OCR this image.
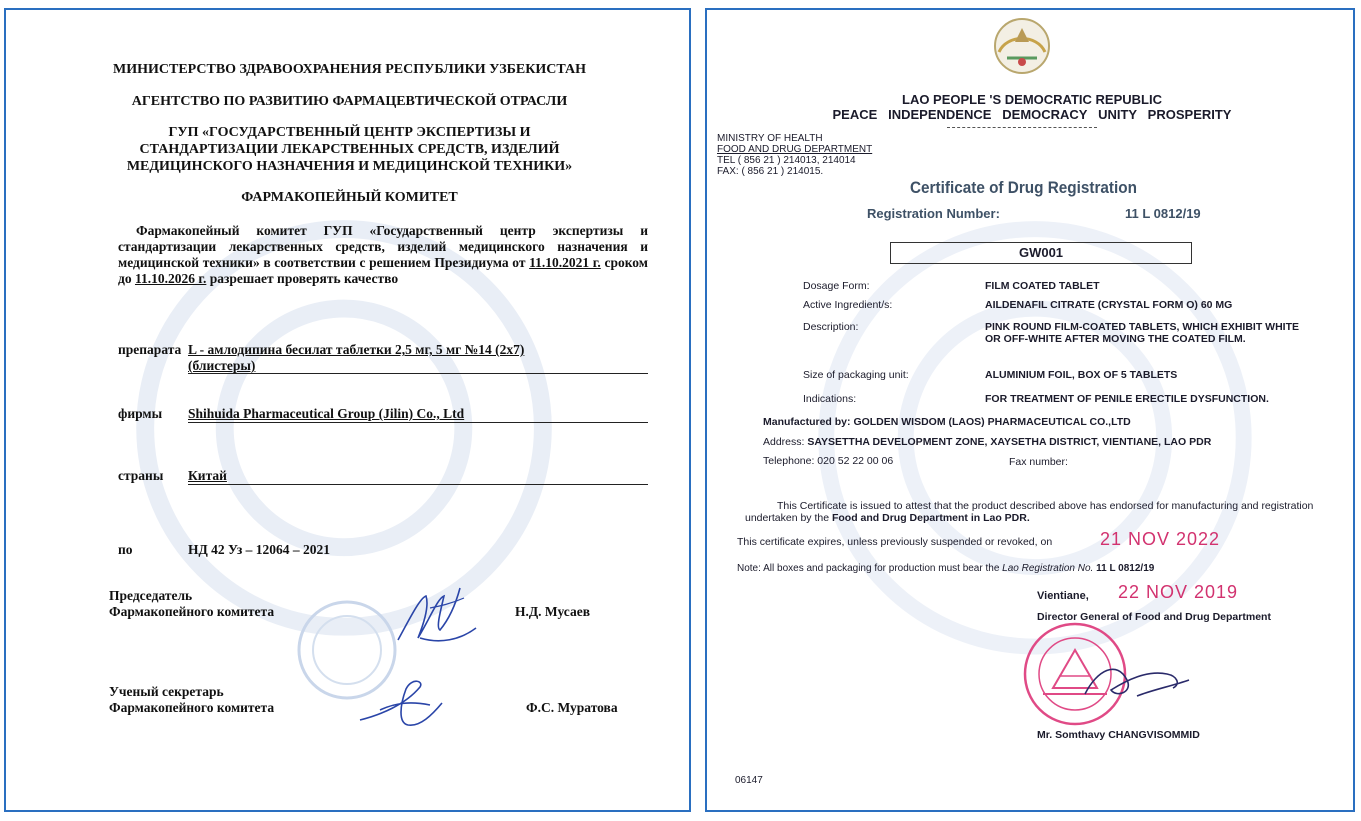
МИНИСТЕРСТВО ЗДРАВООХРАНЕНИЯ РЕСПУБЛИКИ УЗБЕКИСТАН
АГЕНТСТВО ПО РАЗВИТИЮ ФАРМАЦЕВТИЧЕСКОЙ ОТРАСЛИ
ГУП «ГОСУДАРСТВЕННЫЙ ЦЕНТР ЭКСПЕРТИЗЫ И
СТАНДАРТИЗАЦИИ ЛЕКАРСТВЕННЫХ СРЕДСТВ, ИЗДЕЛИЙ
МЕДИЦИНСКОГО НАЗНАЧЕНИЯ И МЕДИЦИНСКОЙ ТЕХНИКИ»
ФАРМАКОПЕЙНЫЙ КОМИТЕТ
Фармакопейный комитет ГУП «Государственный центр экспертизы и стандартизации лекарственных средств, изделий медицинского назначения и медицинской техники» в соответствии с решением Президиума от 11.10.2021 г. сроком до 11.10.2026 г. разрешает проверять качество
препарата L - амлодипина бесилат таблетки 2,5 мг, 5 мг №14 (2х7)
(блистеры)
фирмы Shihuida Pharmaceutical Group (Jilin) Co., Ltd
страны Китай
по	НД 42 Уз – 12064 – 2021
Председатель
Фармакопейного комитета	Н.Д. Мусаев
Ученый секретарь
Фармакопейного комитета	Ф.С. Муратова
LAO PEOPLE 'S DEMOCRATIC REPUBLIC
PEACE   INDEPENDENCE   DEMOCRACY   UNITY   PROSPERITY
MINISTRY OF HEALTH
FOOD AND DRUG DEPARTMENT
TEL ( 856 21 ) 214013, 214014
FAX: ( 856 21 ) 214015.
Certificate of Drug Registration
Registration Number:	11 L 0812/19
GW001
Dosage Form:	FILM COATED TABLET
Active Ingredient/s:	AILDENAFIL CITRATE (CRYSTAL FORM O) 60 MG
Description:	PINK ROUND FILM-COATED TABLETS, WHICH EXHIBIT WHITE OR OFF-WHITE AFTER MOVING THE COATED FILM.
Size of packaging unit:	ALUMINIUM FOIL, BOX OF 5 TABLETS
Indications:	FOR TREATMENT OF PENILE ERECTILE DYSFUNCTION.
Manufactured by: GOLDEN WISDOM (LAOS) PHARMACEUTICAL CO.,LTD
Address: SAYSETTHA DEVELOPMENT ZONE, XAYSETHA DISTRICT, VIENTIANE, LAO PDR
Telephone: 020 52 22 00 06	Fax number:
This Certificate is issued to attest that the product described above has endorsed for manufacturing and registration undertaken by the Food and Drug Department in Lao PDR.
This certificate expires, unless previously suspended or revoked, on	21 NOV 2022
Note: All boxes and packaging for production must bear the Lao Registration No. 11 L 0812/19
Vientiane, 22 NOV 2019
Director General of Food and Drug Department
Mr. Somthavy CHANGVISOMMID
06147
